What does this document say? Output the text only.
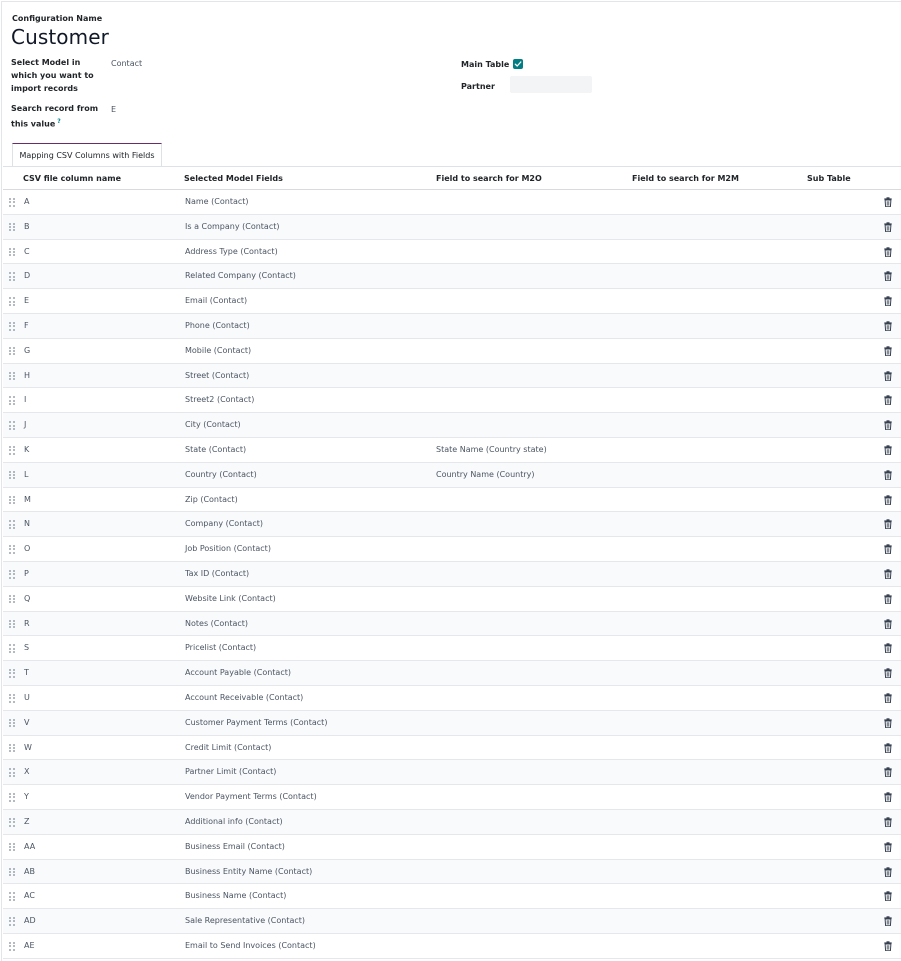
Configuration Name
Customer
Select Model in which you want to import records
Contact
Search record from this value ?
E
Main Table
Partner
Mapping CSV Columns with Fields
CSV file column name	Selected Model Fields	Field to search for M2O	Field to search for M2M	Sub Table
A	Name (Contact)
B	Is a Company (Contact)
C	Address Type (Contact)
D	Related Company (Contact)
E	Email (Contact)
F	Phone (Contact)
G	Mobile (Contact)
H	Street (Contact)
I	Street2 (Contact)
J	City (Contact)
K	State (Contact)	State Name (Country state)
L	Country (Contact)	Country Name (Country)
M	Zip (Contact)
N	Company (Contact)
O	Job Position (Contact)
P	Tax ID (Contact)
Q	Website Link (Contact)
R	Notes (Contact)
S	Pricelist (Contact)
T	Account Payable (Contact)
U	Account Receivable (Contact)
V	Customer Payment Terms (Contact)
W	Credit Limit (Contact)
X	Partner Limit (Contact)
Y	Vendor Payment Terms (Contact)
Z	Additional info (Contact)
AA	Business Email (Contact)
AB	Business Entity Name (Contact)
AC	Business Name (Contact)
AD	Sale Representative (Contact)
AE	Email to Send Invoices (Contact)
